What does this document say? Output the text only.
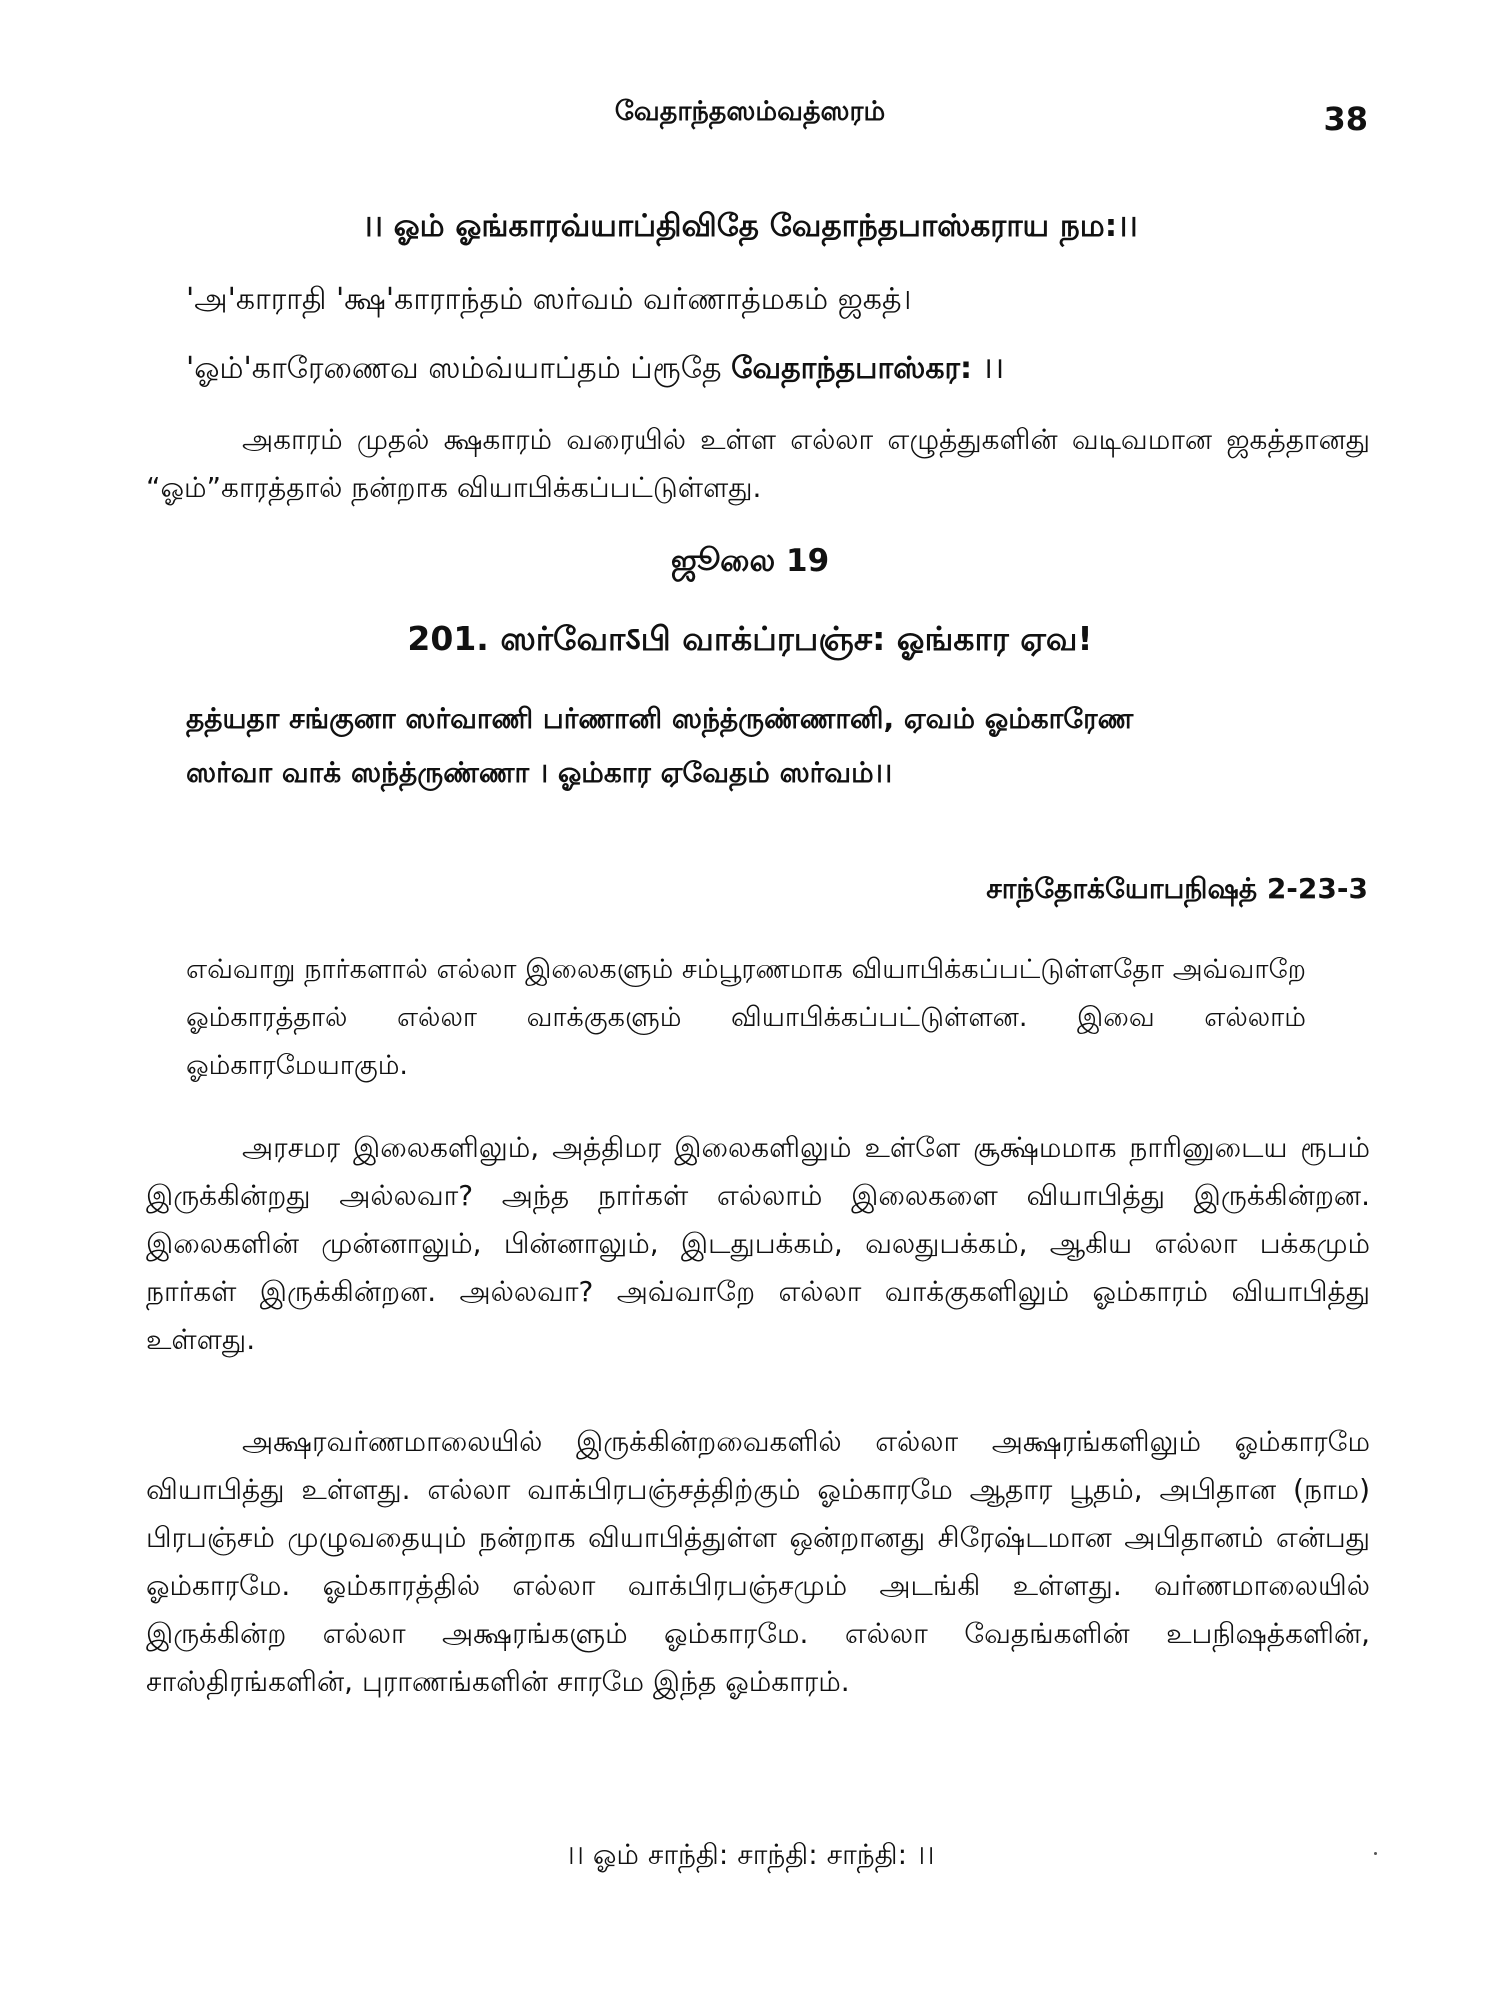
வேதாந்தஸம்வத்ஸரம்	38
।। ஓம் ஓங்காரவ்யாப்திவிதே வேதாந்தபாஸ்கராய நம:।।
'அ'காராதி 'க்ஷ'காராந்தம் ஸர்வம் வர்ணாத்மகம் ஜகத்।
'ஓம்'காரேணைவ ஸம்வ்யாப்தம் ப்ரூதே வேதாந்தபாஸ்கர: ।।

அகாரம் முதல் க்ஷகாரம் வரையில் உள்ள எல்லா எழுத்துகளின் வடிவமான ஜகத்தானது “ஓம்”காரத்தால் நன்றாக வியாபிக்கப்பட்டுள்ளது.

ஜூலை 19
201. ஸர்வோऽபி வாக்ப்ரபஞ்ச: ஓங்கார ஏவ!

தத்யதா சங்குனா ஸர்வாணி பர்ணானி ஸந்த்ருண்ணானி, ஏவம் ஓம்காரேண ஸர்வா வாக் ஸந்த்ருண்ணா । ஓம்கார ஏவேதம் ஸர்வம்।।

சாந்தோக்யோபநிஷத் 2-23-3

எவ்வாறு நார்களால் எல்லா இலைகளும் சம்பூரணமாக வியாபிக்கப்பட்டுள்ளதோ அவ்வாறே ஓம்காரத்தால் எல்லா வாக்குகளும் வியாபிக்கப்பட்டுள்ளன. இவை எல்லாம் ஓம்காரமேயாகும்.

அரசமர இலைகளிலும், அத்திமர இலைகளிலும் உள்ளே சூக்ஷ்மமாக நாரினுடைய ரூபம் இருக்கின்றது அல்லவா? அந்த நார்கள் எல்லாம் இலைகளை வியாபித்து இருக்கின்றன. இலைகளின் முன்னாலும், பின்னாலும், இடதுபக்கம், வலதுபக்கம், ஆகிய எல்லா பக்கமும் நார்கள் இருக்கின்றன. அல்லவா? அவ்வாறே எல்லா வாக்குகளிலும் ஓம்காரம் வியாபித்து உள்ளது.

அக்ஷரவர்ணமாலையில் இருக்கின்றவைகளில் எல்லா அக்ஷரங்களிலும் ஓம்காரமே வியாபித்து உள்ளது. எல்லா வாக்பிரபஞ்சத்திற்கும் ஓம்காரமே ஆதார பூதம், அபிதான (நாம) பிரபஞ்சம் முழுவதையும் நன்றாக வியாபித்துள்ள ஒன்றானது சிரேஷ்டமான அபிதானம் என்பது ஓம்காரமே. ஓம்காரத்தில் எல்லா வாக்பிரபஞ்சமும் அடங்கி உள்ளது. வர்ணமாலையில் இருக்கின்ற எல்லா அக்ஷரங்களும் ஓம்காரமே. எல்லா வேதங்களின் உபநிஷத்களின், சாஸ்திரங்களின், புராணங்களின் சாரமே இந்த ஓம்காரம்.

।। ஓம் சாந்தி: சாந்தி: சாந்தி: ।।
